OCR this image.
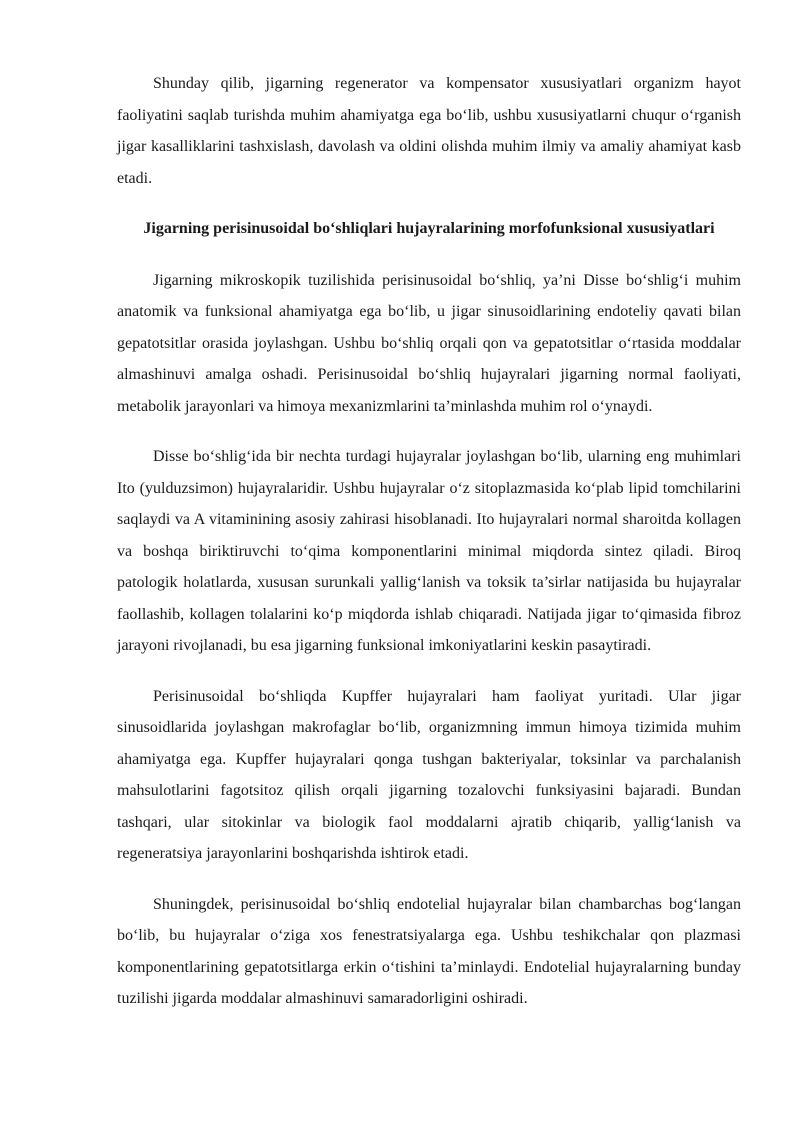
Shunday qilib, jigarning regenerator va kompensator xususiyatlari organizm hayot faoliyatini saqlab turishda muhim ahamiyatga ega bo‘lib, ushbu xususiyatlarni chuqur o‘rganish jigar kasalliklarini tashxislash, davolash va oldini olishda muhim ilmiy va amaliy ahamiyat kasb etadi.

Jigarning perisinusoidal bo‘shliqlari hujayralarining morfofunksional xususiyatlari

Jigarning mikroskopik tuzilishida perisinusoidal bo‘shliq, ya’ni Disse bo‘shlig‘i muhim anatomik va funksional ahamiyatga ega bo‘lib, u jigar sinusoidlarining endoteliy qavati bilan gepatotsitlar orasida joylashgan. Ushbu bo‘shliq orqali qon va gepatotsitlar o‘rtasida moddalar almashinuvi amalga oshadi. Perisinusoidal bo‘shliq hujayralari jigarning normal faoliyati, metabolik jarayonlari va himoya mexanizmlarini ta’minlashda muhim rol o‘ynaydi.

Disse bo‘shlig‘ida bir nechta turdagi hujayralar joylashgan bo‘lib, ularning eng muhimlari Ito (yulduzsimon) hujayralaridir. Ushbu hujayralar o‘z sitoplazmasida ko‘plab lipid tomchilarini saqlaydi va A vitaminining asosiy zahirasi hisoblanadi. Ito hujayralari normal sharoitda kollagen va boshqa biriktiruvchi to‘qima komponentlarini minimal miqdorda sintez qiladi. Biroq patologik holatlarda, xususan surunkali yallig‘lanish va toksik ta’sirlar natijasida bu hujayralar faollashib, kollagen tolalarini ko‘p miqdorda ishlab chiqaradi. Natijada jigar to‘qimasida fibroz jarayoni rivojlanadi, bu esa jigarning funksional imkoniyatlarini keskin pasaytiradi.

Perisinusoidal bo‘shliqda Kupffer hujayralari ham faoliyat yuritadi. Ular jigar sinusoidlarida joylashgan makrofaglar bo‘lib, organizmning immun himoya tizimida muhim ahamiyatga ega. Kupffer hujayralari qonga tushgan bakteriyalar, toksinlar va parchalanish mahsulotlarini fagotsitoz qilish orqali jigarning tozalovchi funksiyasini bajaradi. Bundan tashqari, ular sitokinlar va biologik faol moddalarni ajratib chiqarib, yallig‘lanish va regeneratsiya jarayonlarini boshqarishda ishtirok etadi.

Shuningdek, perisinusoidal bo‘shliq endotelial hujayralar bilan chambarchas bog‘langan bo‘lib, bu hujayralar o‘ziga xos fenestratsiyalarga ega. Ushbu teshikchalar qon plazmasi komponentlarining gepatotsitlarga erkin o‘tishini ta’minlaydi. Endotelial hujayralarning bunday tuzilishi jigarda moddalar almashinuvi samaradorligini oshiradi.
